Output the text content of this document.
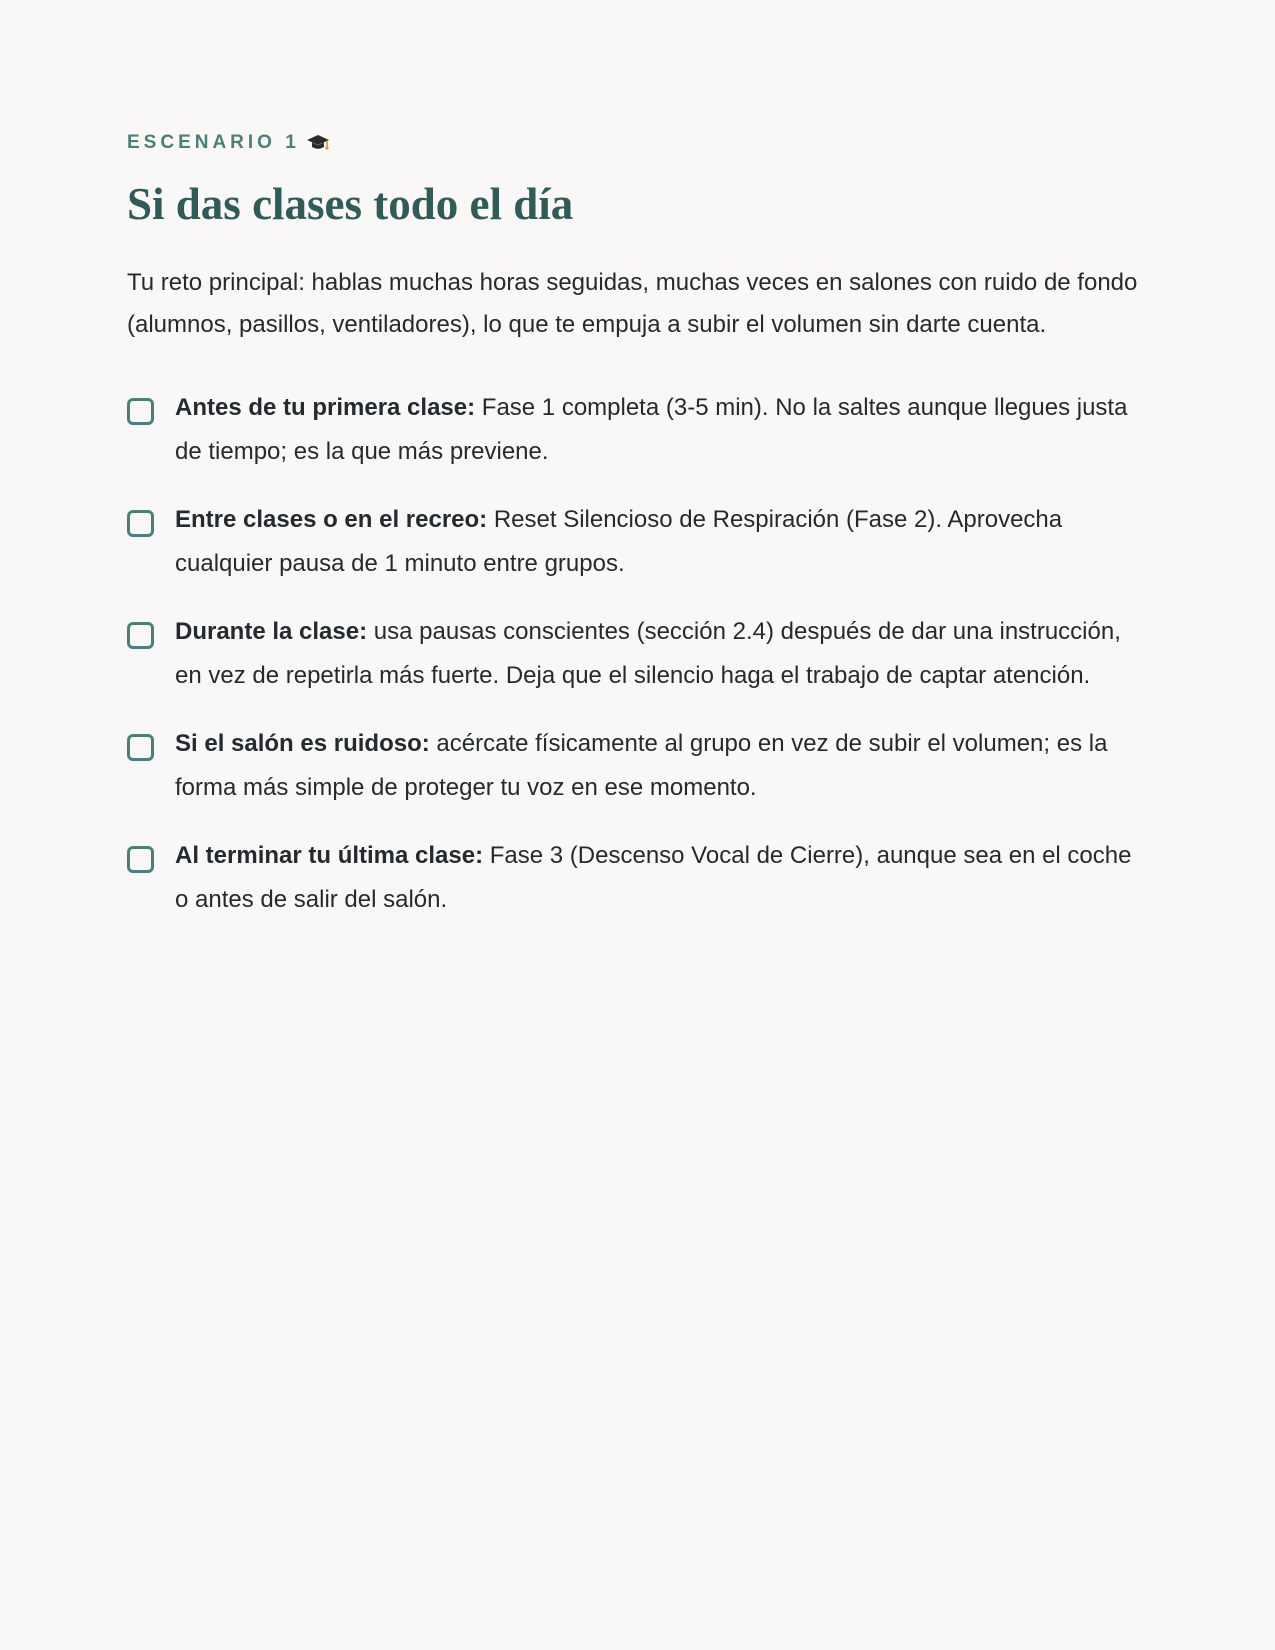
ESCENARIO 1
Si das clases todo el día

Tu reto principal: hablas muchas horas seguidas, muchas veces en salones con ruido de fondo (alumnos, pasillos, ventiladores), lo que te empuja a subir el volumen sin darte cuenta.

Antes de tu primera clase: Fase 1 completa (3-5 min). No la saltes aunque llegues justa de tiempo; es la que más previene.
Entre clases o en el recreo: Reset Silencioso de Respiración (Fase 2). Aprovecha cualquier pausa de 1 minuto entre grupos.
Durante la clase: usa pausas conscientes (sección 2.4) después de dar una instrucción, en vez de repetirla más fuerte. Deja que el silencio haga el trabajo de captar atención.
Si el salón es ruidoso: acércate físicamente al grupo en vez de subir el volumen; es la forma más simple de proteger tu voz en ese momento.
Al terminar tu última clase: Fase 3 (Descenso Vocal de Cierre), aunque sea en el coche o antes de salir del salón.
